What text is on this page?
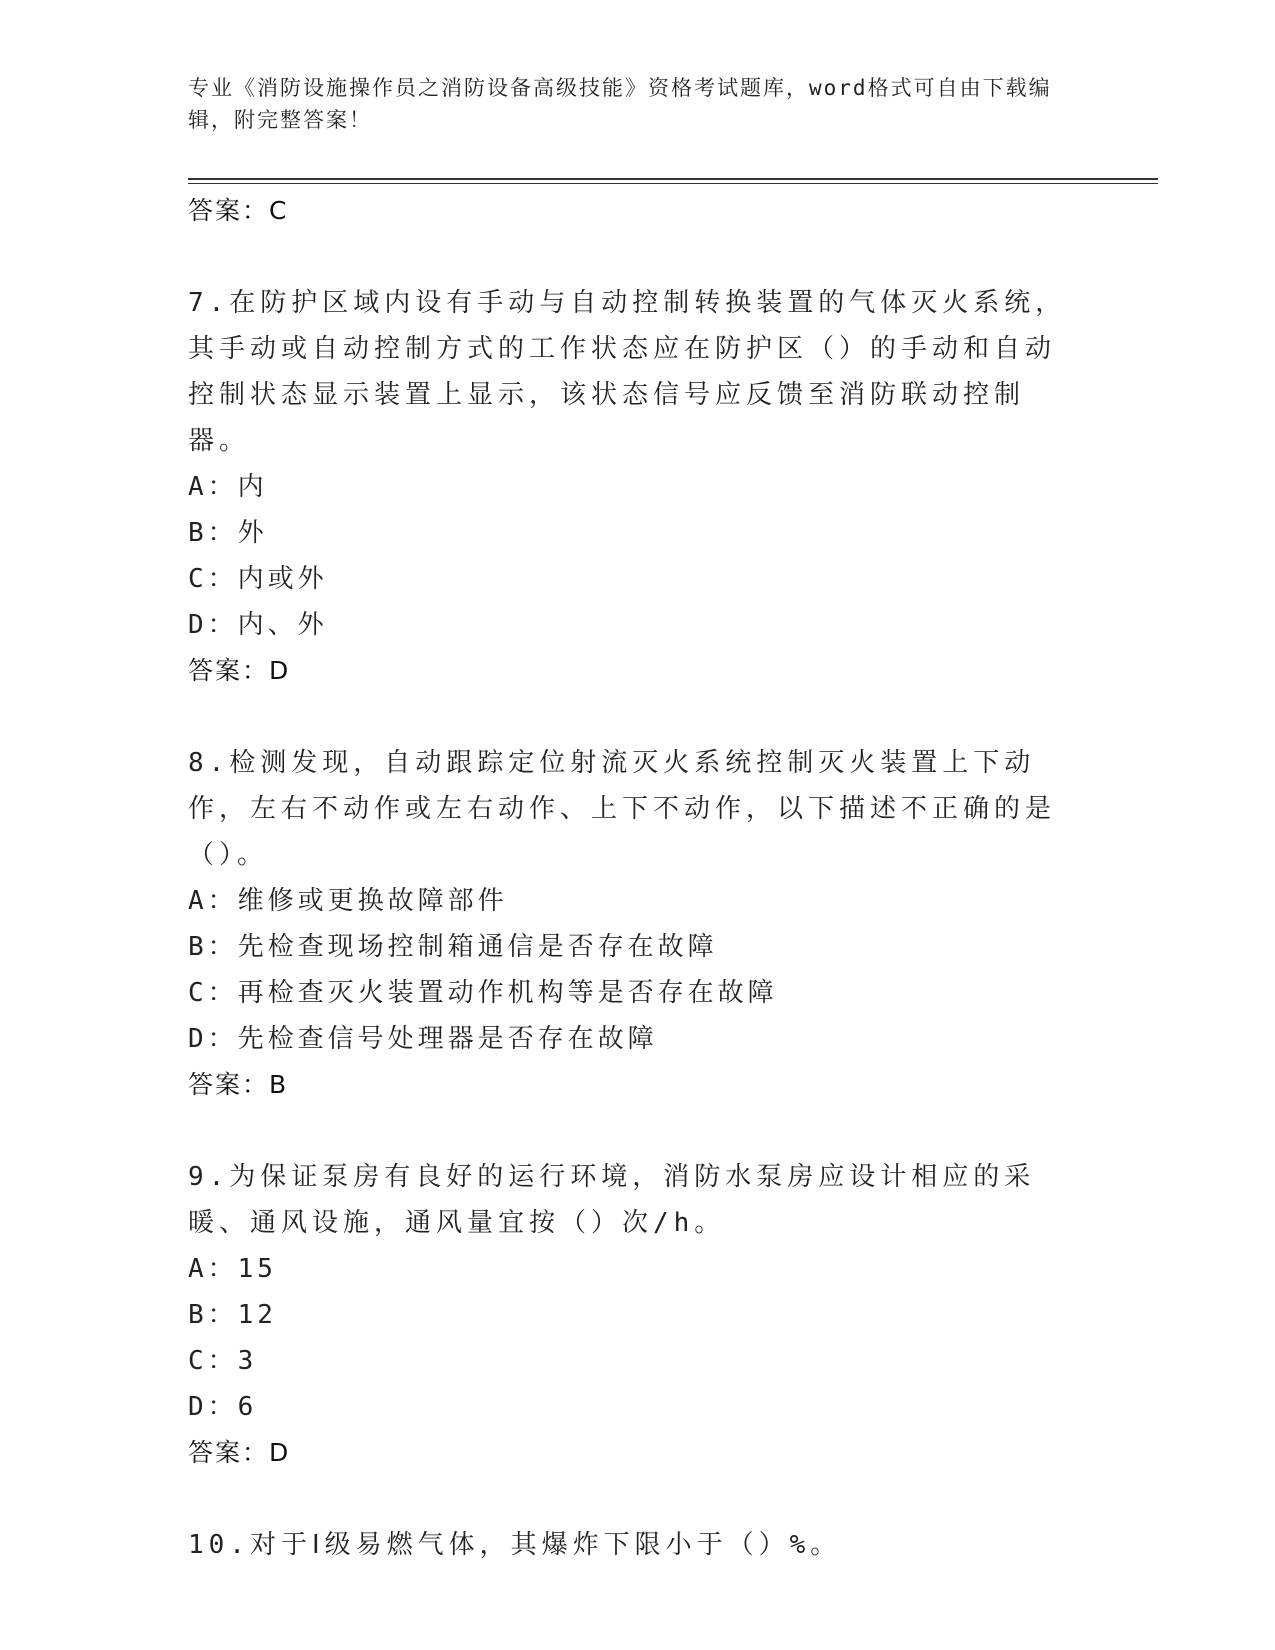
专业《消防设施操作员之消防设备高级技能》资格考试题库，word格式可自由下载编辑，附完整答案！
答案：C
7.在防护区域内设有手动与自动控制转换装置的气体灭火系统，其手动或自动控制方式的工作状态应在防护区（）的手动和自动控制状态显示装置上显示，该状态信号应反馈至消防联动控制器。
A：内
B：外
C：内或外
D：内、外
答案：D
8.检测发现，自动跟踪定位射流灭火系统控制灭火装置上下动作，左右不动作或左右动作、上下不动作，以下描述不正确的是（）。
A：维修或更换故障部件
B：先检查现场控制箱通信是否存在故障
C：再检查灭火装置动作机构等是否存在故障
D：先检查信号处理器是否存在故障
答案：B
9.为保证泵房有良好的运行环境，消防水泵房应设计相应的采暖、通风设施，通风量宜按（）次/h。
A：15
B：12
C：3
D：6
答案：D
10.对于Ⅰ级易燃气体，其爆炸下限小于（）%。
